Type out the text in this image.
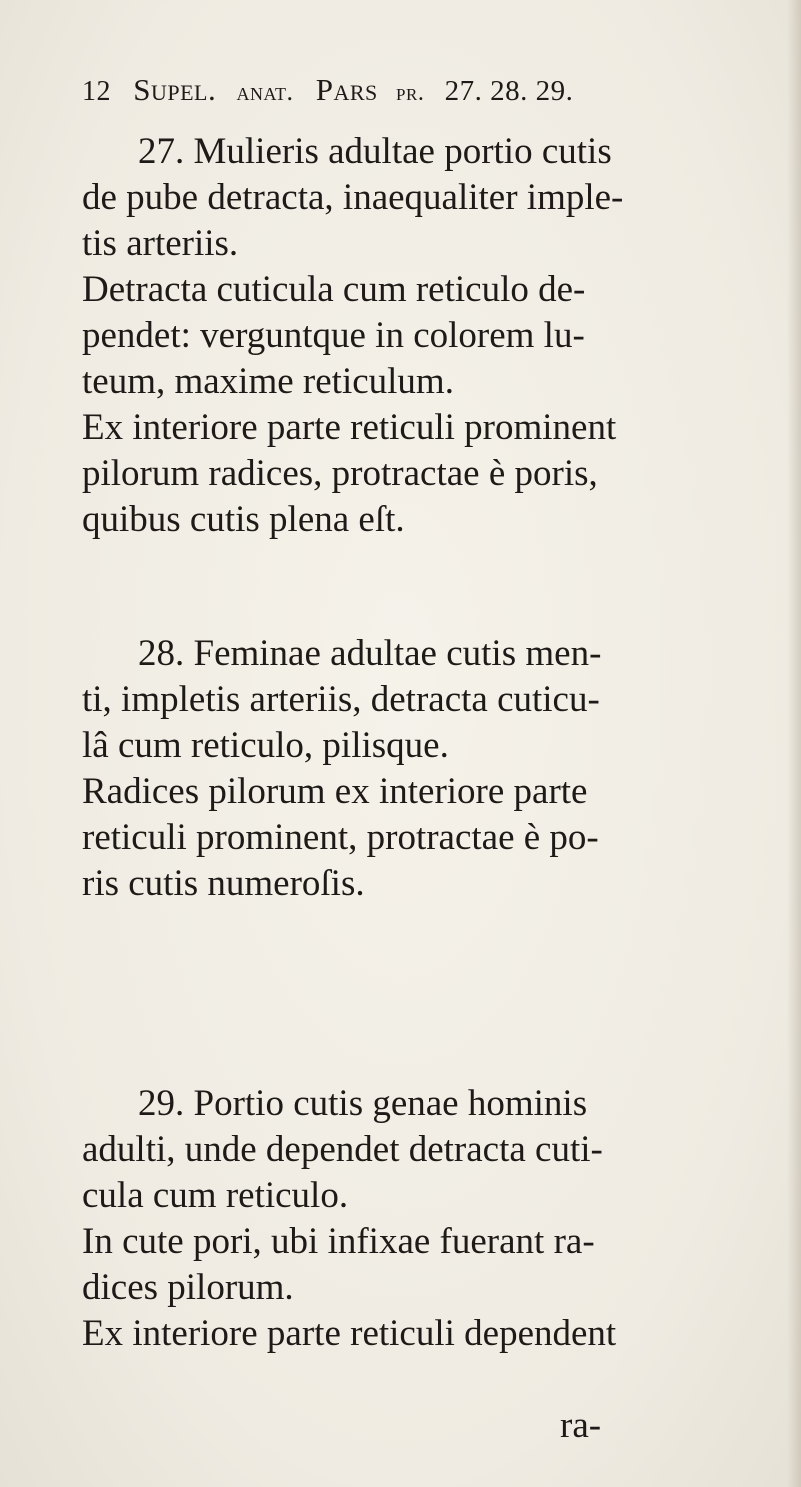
12 Supel. anat. Pars pr. 27. 28. 29.
27. Mulieris adultae portio cutis
de pube detracta, inaequaliter imple-
tis arteriis.
Detracta cuticula cum reticulo de-
pendet: verguntque in colorem lu-
teum, maxime reticulum.
Ex interiore parte reticuli prominent
pilorum radices, protractae è poris,
quibus cutis plena eſt.
28. Feminae adultae cutis men-
ti, impletis arteriis, detracta cuticu-
lâ cum reticulo, pilisque.
Radices pilorum ex interiore parte
reticuli prominent, protractae è po-
ris cutis numeroſis.
29. Portio cutis genae hominis
adulti, unde dependet detracta cuti-
cula cum reticulo.
In cute pori, ubi infixae fuerant ra-
dices pilorum.
Ex interiore parte reticuli dependent
ra-
